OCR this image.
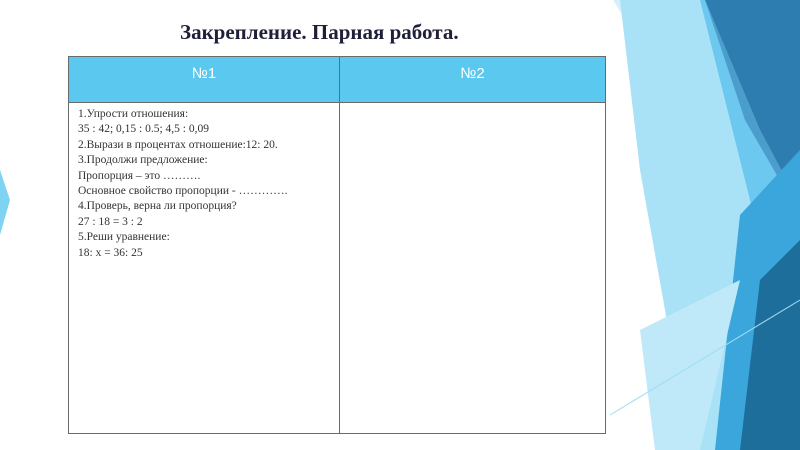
Закрепление. Парная работа.
№1	№2
1.Упрости отношения:
35 : 42; 0,15 : 0.5; 4,5 : 0,09
2.Вырази в процентах отношение:12: 20.
3.Продолжи предложение:
Пропорция – это ……….
Основное свойство пропорции - ………….
4.Проверь, верна ли пропорция?
27 : 18 = 3 : 2
5.Реши уравнение:
18: х = 36: 25
